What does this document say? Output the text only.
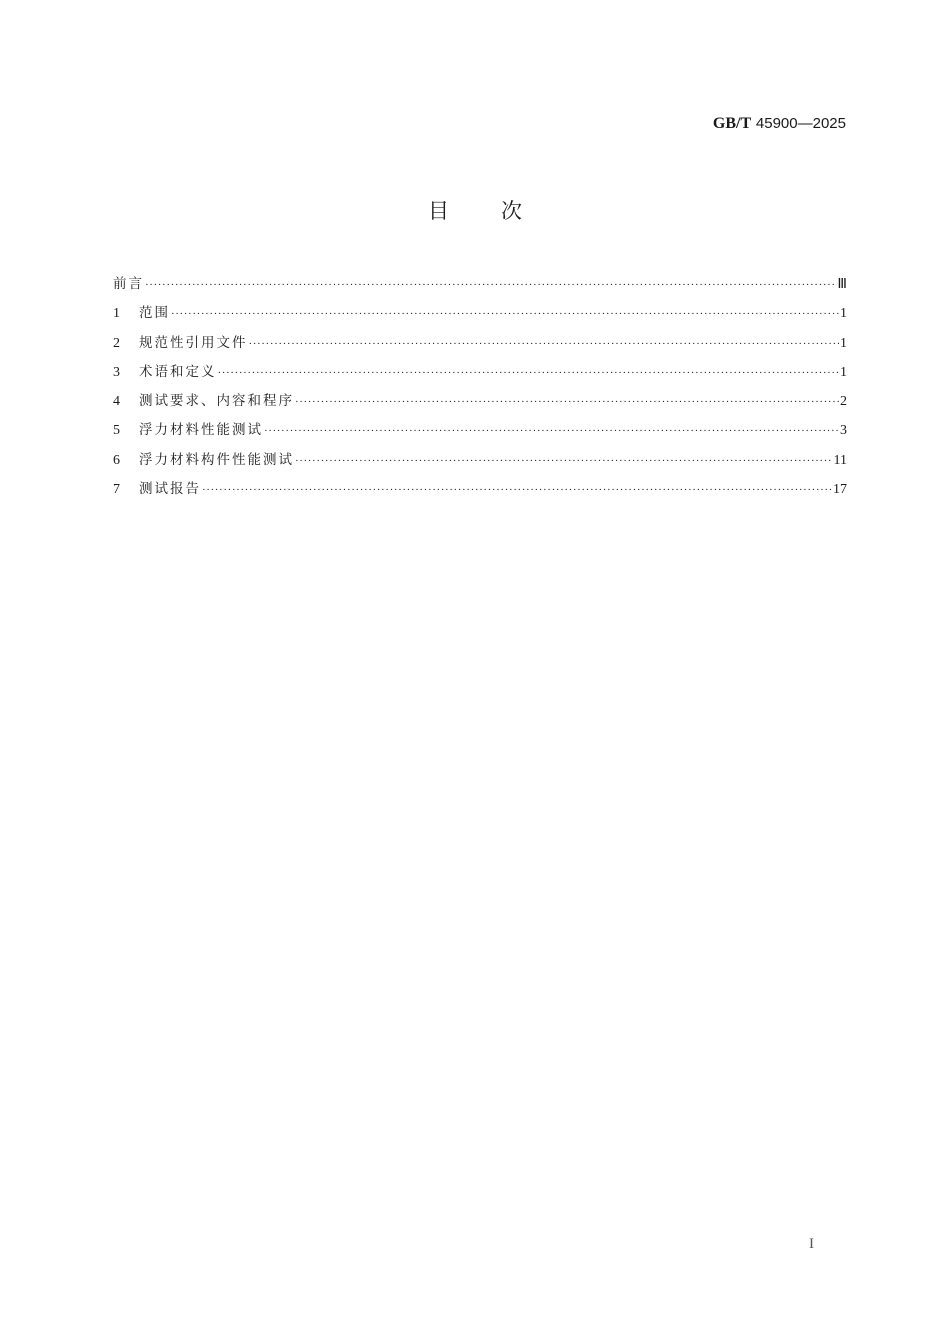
GB/T 45900—2025
目 次
前言 ·····	Ⅲ
1	范围 ·····	1
2	规范性引用文件 ·····	1
3	术语和定义 ·····	1
4	测试要求、内容和程序 ·····	2
5	浮力材料性能测试 ·····	3
6	浮力材料构件性能测试 ·····	11
7	测试报告 ·····	17
I
